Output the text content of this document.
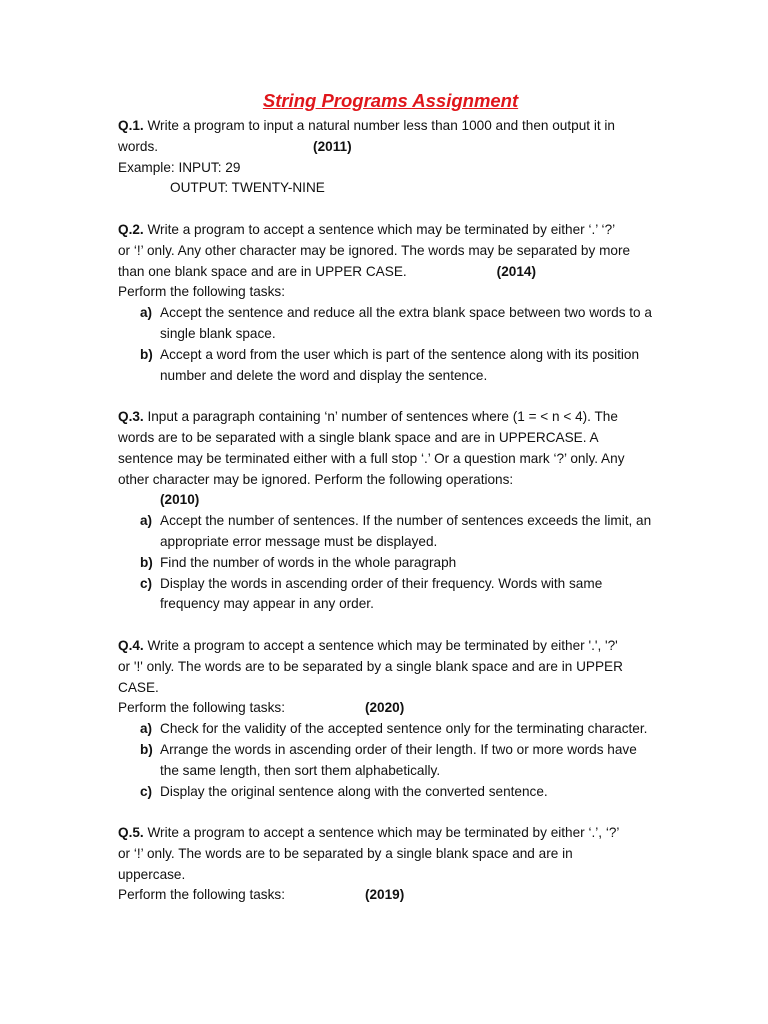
String Programs Assignment

Q.1. Write a program to input a natural number less than 1000 and then output it in

words.	(2011)

Example: INPUT: 29

OUTPUT: TWENTY-NINE

Q.2. Write a program to accept a sentence which may be terminated by either ‘.’ ‘?’

or ‘!’ only. Any other character may be ignored. The words may be separated by more

than one blank space and are in UPPER CASE.	(2014)

Perform the following tasks:

a) Accept the sentence and reduce all the extra blank space between two words to a single blank space.
b) Accept a word from the user which is part of the sentence along with its position number and delete the word and display the sentence.

Q.3. Input a paragraph containing ‘n’ number of sentences where (1 = < n < 4). The

words are to be separated with a single blank space and are in UPPERCASE. A

sentence may be terminated either with a full stop ‘.’ Or a question mark ‘?’ only. Any

other character may be ignored. Perform the following operations:

(2010)

a) Accept the number of sentences. If the number of sentences exceeds the limit, an appropriate error message must be displayed.
b) Find the number of words in the whole paragraph
c) Display the words in ascending order of their frequency. Words with same frequency may appear in any order.

Q.4. Write a program to accept a sentence which may be terminated by either '.', '?'

or '!' only. The words are to be separated by a single blank space and are in UPPER

CASE.

Perform the following tasks:	(2020)

a) Check for the validity of the accepted sentence only for the terminating character.
b) Arrange the words in ascending order of their length. If two or more words have the same length, then sort them alphabetically.
c) Display the original sentence along with the converted sentence.

Q.5. Write a program to accept a sentence which may be terminated by either ‘.’, ‘?’

or ‘!’ only. The words are to be separated by a single blank space and are in

uppercase.

Perform the following tasks:	(2019)
